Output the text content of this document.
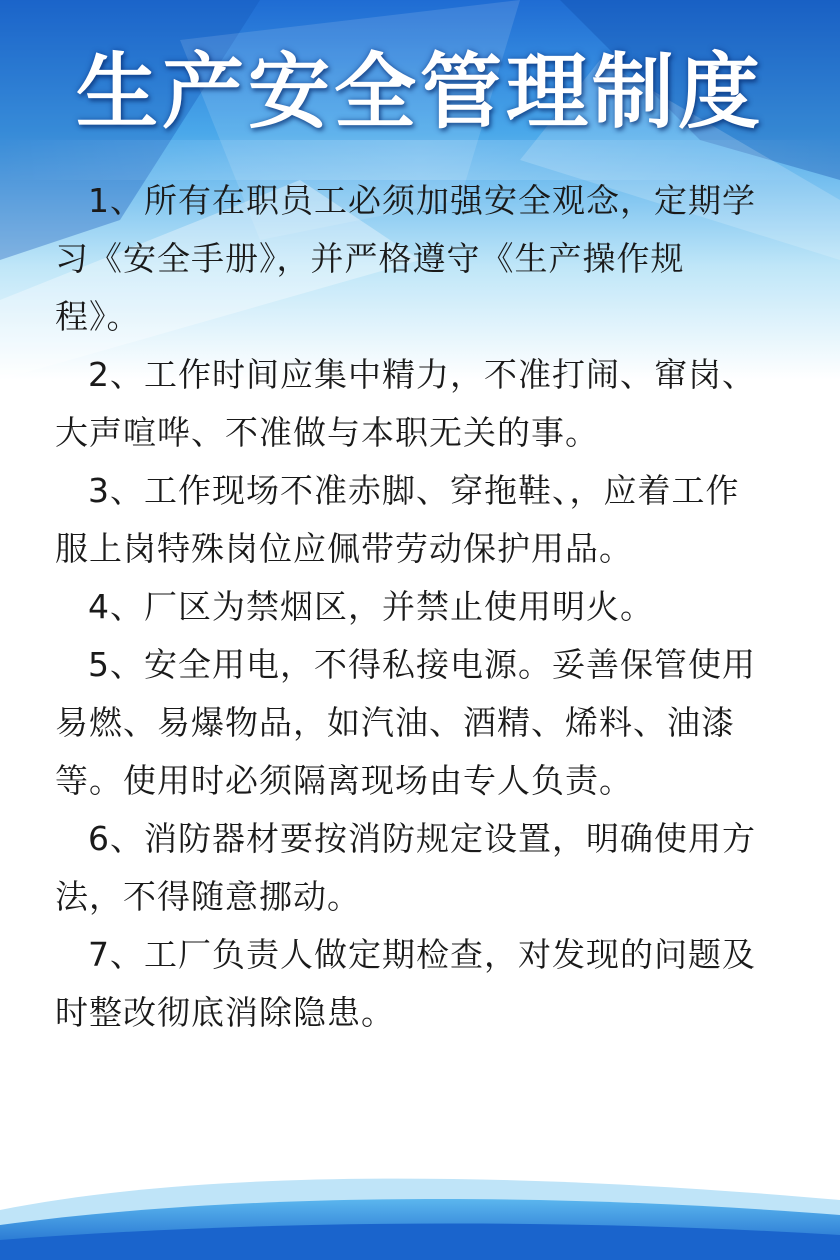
生产安全管理制度

1、所有在职员工必须加强安全观念，定期学习《安全手册》，并严格遵守《生产操作规程》。

2、工作时间应集中精力，不准打闹、窜岗、大声喧哗、不准做与本职无关的事。

3、工作现场不准赤脚、穿拖鞋、，应着工作服上岗特殊岗位应佩带劳动保护用品。

4、厂区为禁烟区，并禁止使用明火。

5、安全用电，不得私接电源。妥善保管使用易燃、易爆物品，如汽油、酒精、烯料、油漆等。使用时必须隔离现场由专人负责。

6、消防器材要按消防规定设置，明确使用方法，不得随意挪动。

7、工厂负责人做定期检查，对发现的问题及时整改彻底消除隐患。
